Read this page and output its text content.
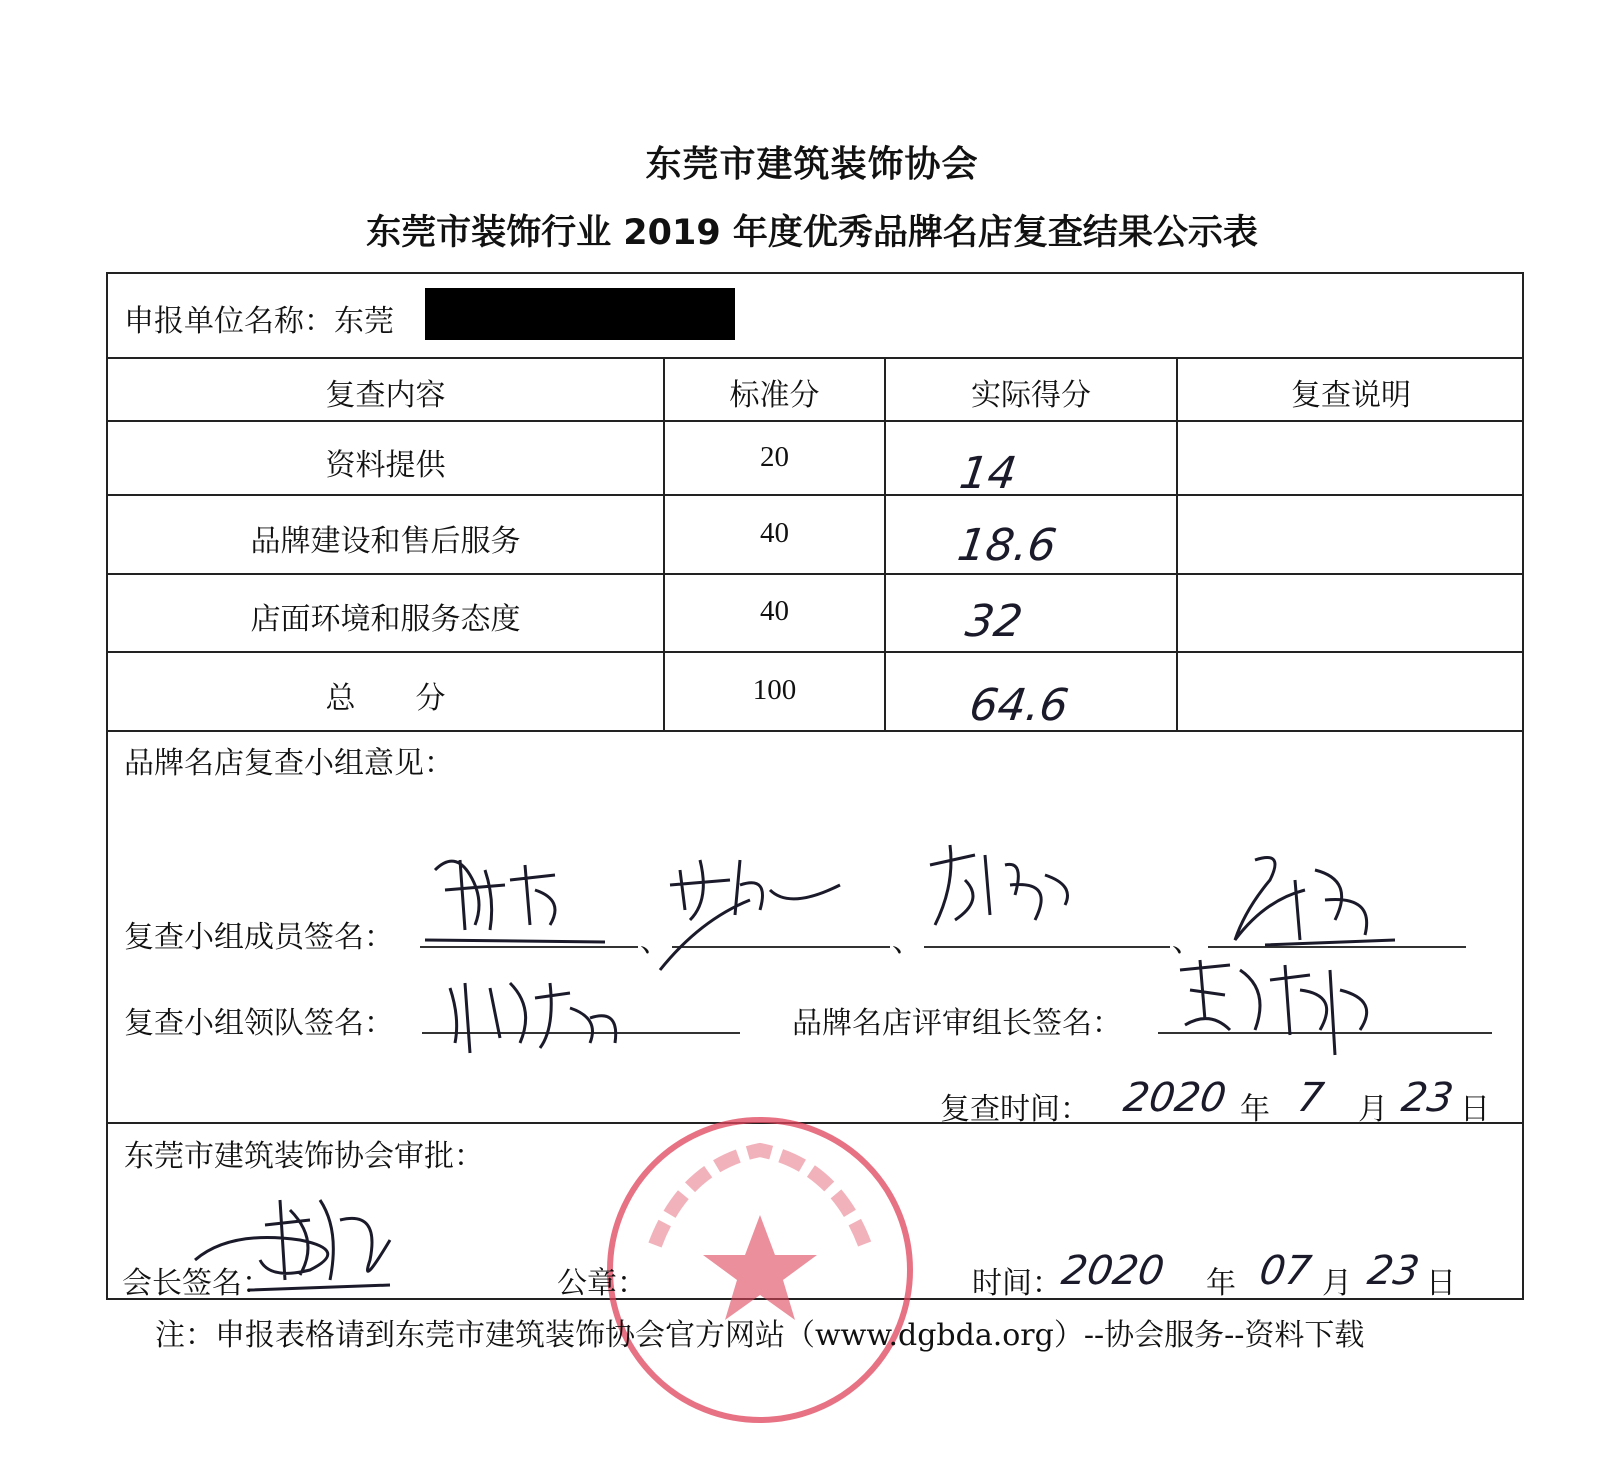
东莞市建筑装饰协会
东莞市装饰行业 2019 年度优秀品牌名店复查结果公示表
申报单位名称：东莞
复查内容	标准分	实际得分	复查说明
资料提供	20	14
品牌建设和售后服务	40	18.6
店面环境和服务态度	40	32
总　　分	100	64.6
品牌名店复查小组意见：
复查小组成员签名：	、	、	、
复查小组领队签名：	品牌名店评审组长签名：
复查时间： 2020 年 7 月 23 日
东莞市建筑装饰协会审批：
会长签名：	公章：	时间：
2020 年 07 月 23 日
注：申报表格请到东莞市建筑装饰协会官方网站（www.dgbda.org）--协会服务--资料下载
